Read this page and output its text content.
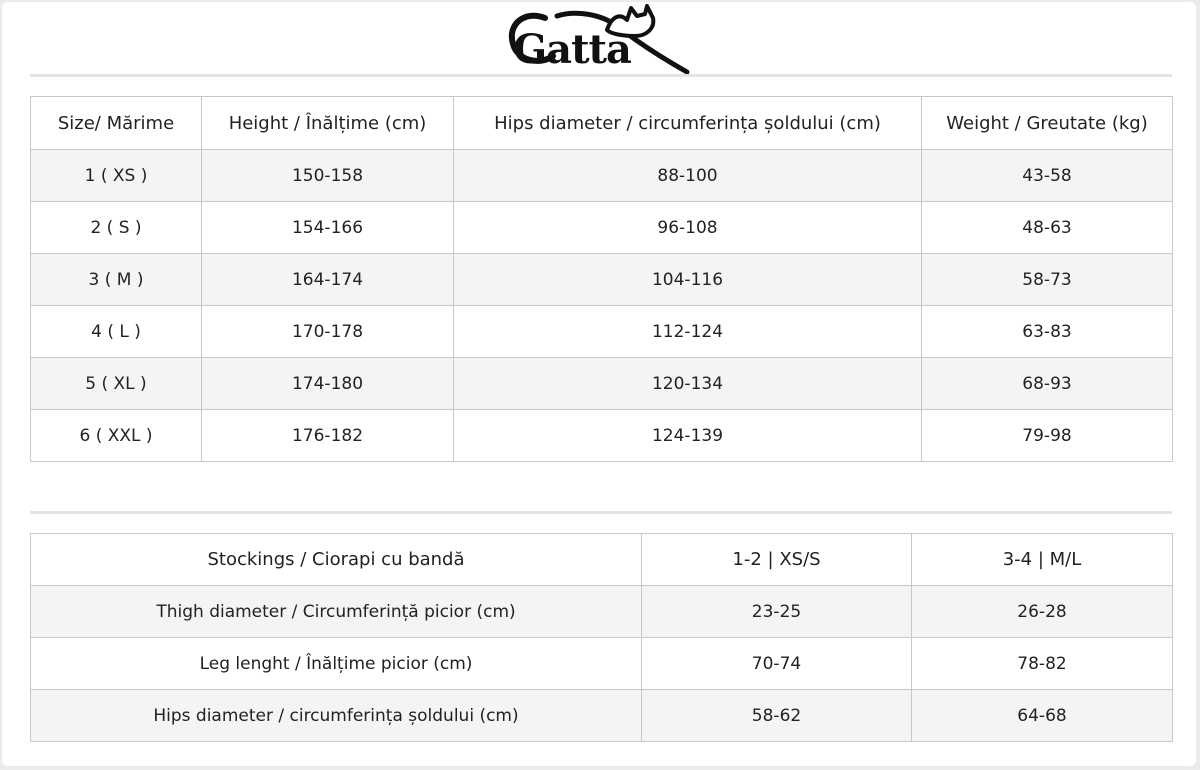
Gatta
Size/ Mărime	Height / Înălțime (cm)	Hips diameter / circumferința șoldului (cm)	Weight / Greutate (kg)
1 ( XS )	150-158	88-100	43-58
2 ( S )	154-166	96-108	48-63
3 ( M )	164-174	104-116	58-73
4 ( L )	170-178	112-124	63-83
5 ( XL )	174-180	120-134	68-93
6 ( XXL )	176-182	124-139	79-98
Stockings / Ciorapi cu bandă	1-2 | XS/S	3-4 | M/L
Thigh diameter / Circumferință picior (cm)	23-25	26-28
Leg lenght / Înălțime picior (cm)	70-74	78-82
Hips diameter / circumferința șoldului (cm)	58-62	64-68
